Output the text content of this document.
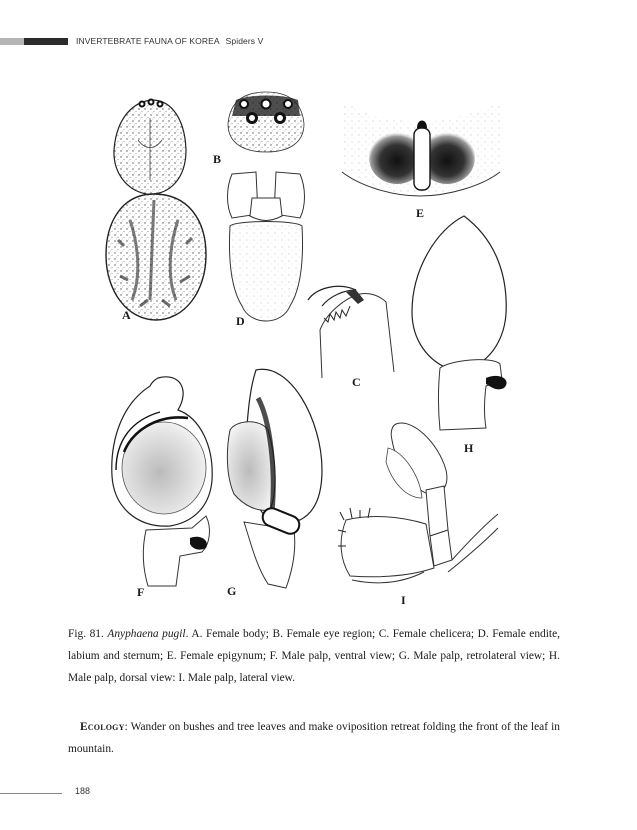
INVERTEBRATE FAUNA OF KOREA Spiders V
A
B
C
D
E
F	G
H
I

Fig. 81. Anyphaena pugil. A. Female body; B. Female eye region; C. Female chelicera; D. Female endite, labium and sternum; E. Female epigynum; F. Male palp, ventral view; G. Male palp, retrolateral view; H. Male palp, dorsal view: I. Male palp, lateral view.

Ecology: Wander on bushes and tree leaves and make oviposition retreat folding the front of the leaf in mountain.

188
